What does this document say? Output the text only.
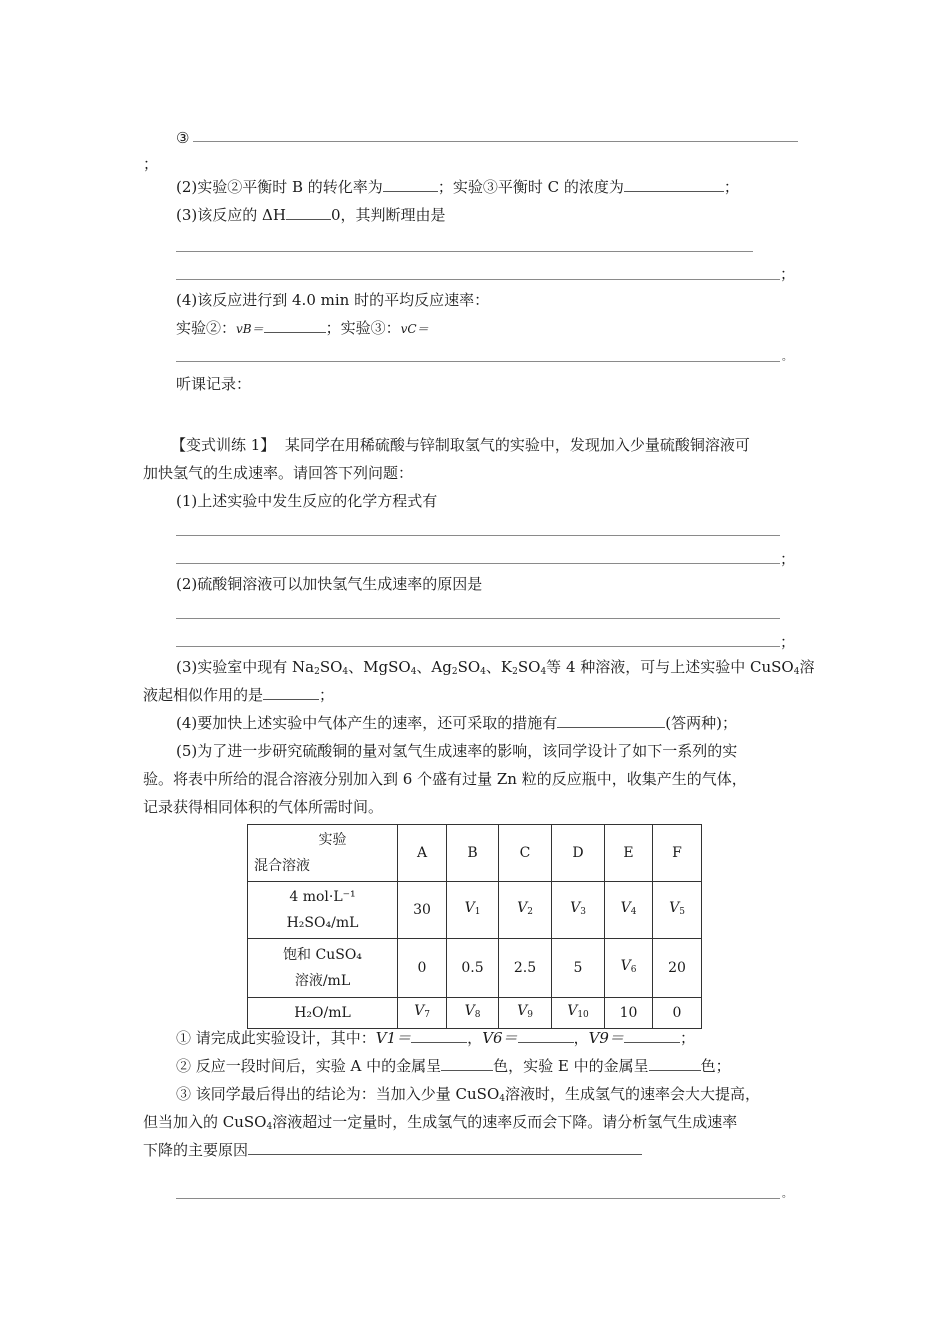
③
；
(2)实验②平衡时 B 的转化率为	；实验③平衡时 C 的浓度为	；
(3)该反应的 ΔH	0，其判断理由是
；
(4)该反应进行到 4.0 min 时的平均反应速率：
实验②：vB＝	；实验③：vC＝
。
听课记录：
【变式训练 1】 某同学在用稀硫酸与锌制取氢气的实验中，发现加入少量硫酸铜溶液可
加快氢气的生成速率。请回答下列问题：
(1)上述实验中发生反应的化学方程式有
；
(2)硫酸铜溶液可以加快氢气生成速率的原因是
；
(3)实验室中现有 $Na_2SO_4$、MgSO$_4$、$Ag_2SO_4$、$K_2SO_4$等 4 种溶液，可与上述实验中 CuSO$_4$溶
液起相似作用的是	；
(4)要加快上述实验中气体产生的速率，还可采取的措施有	(答两种)；
(5)为了进一步研究硫酸铜的量对氢气生成速率的影响，该同学设计了如下一系列的实
验。将表中所给的混合溶液分别加入到 6 个盛有过量 Zn 粒的反应瓶中，收集产生的气体，
记录获得相同体积的气体所需时间。
实验
混合溶液	A	B	C	D	E	F

4 mol·L⁻¹
H₂SO₄/mL	30	$V_1$	$V_2$	$V_3$	$V_4$	$V_5$

饱和 CuSO₄
溶液/mL	0	0.5	2.5	5	$V_6$	20

H₂O/mL	$V_7$	$V_8$	$V_9$	$V_{10}$	10	0
① 请完成此实验设计，其中：V1＝	，V6＝	，V9＝	；
② 反应一段时间后，实验 A 中的金属呈	色，实验 E 中的金属呈	色；
③ 该同学最后得出的结论为：当加入少量 CuSO$_4$溶液时，生成氢气的速率会大大提高，
但当加入的 CuSO$_4$溶液超过一定量时，生成氢气的速率反而会下降。请分析氢气生成速率
下降的主要原因
。
